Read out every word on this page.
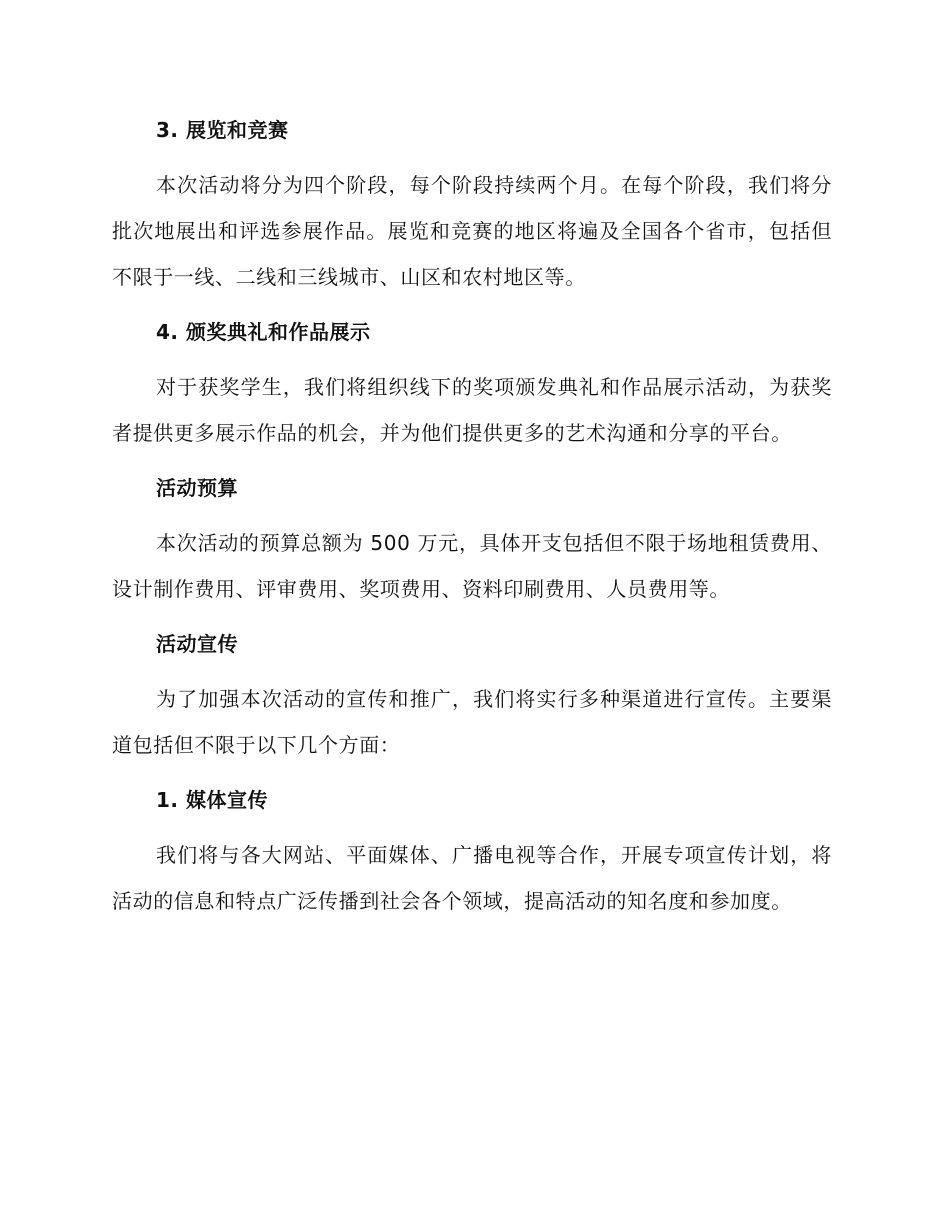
3. 展览和竞赛
本次活动将分为四个阶段，每个阶段持续两个月。在每个阶段，我们将分批次地展出和评选参展作品。展览和竞赛的地区将遍及全国各个省市，包括但不限于一线、二线和三线城市、山区和农村地区等。
4. 颁奖典礼和作品展示
对于获奖学生，我们将组织线下的奖项颁发典礼和作品展示活动，为获奖者提供更多展示作品的机会，并为他们提供更多的艺术沟通和分享的平台。
活动预算
本次活动的预算总额为 500 万元，具体开支包括但不限于场地租赁费用、设计制作费用、评审费用、奖项费用、资料印刷费用、人员费用等。
活动宣传
为了加强本次活动的宣传和推广，我们将实行多种渠道进行宣传。主要渠道包括但不限于以下几个方面：
1. 媒体宣传
我们将与各大网站、平面媒体、广播电视等合作，开展专项宣传计划，将活动的信息和特点广泛传播到社会各个领域，提高活动的知名度和参加度。
